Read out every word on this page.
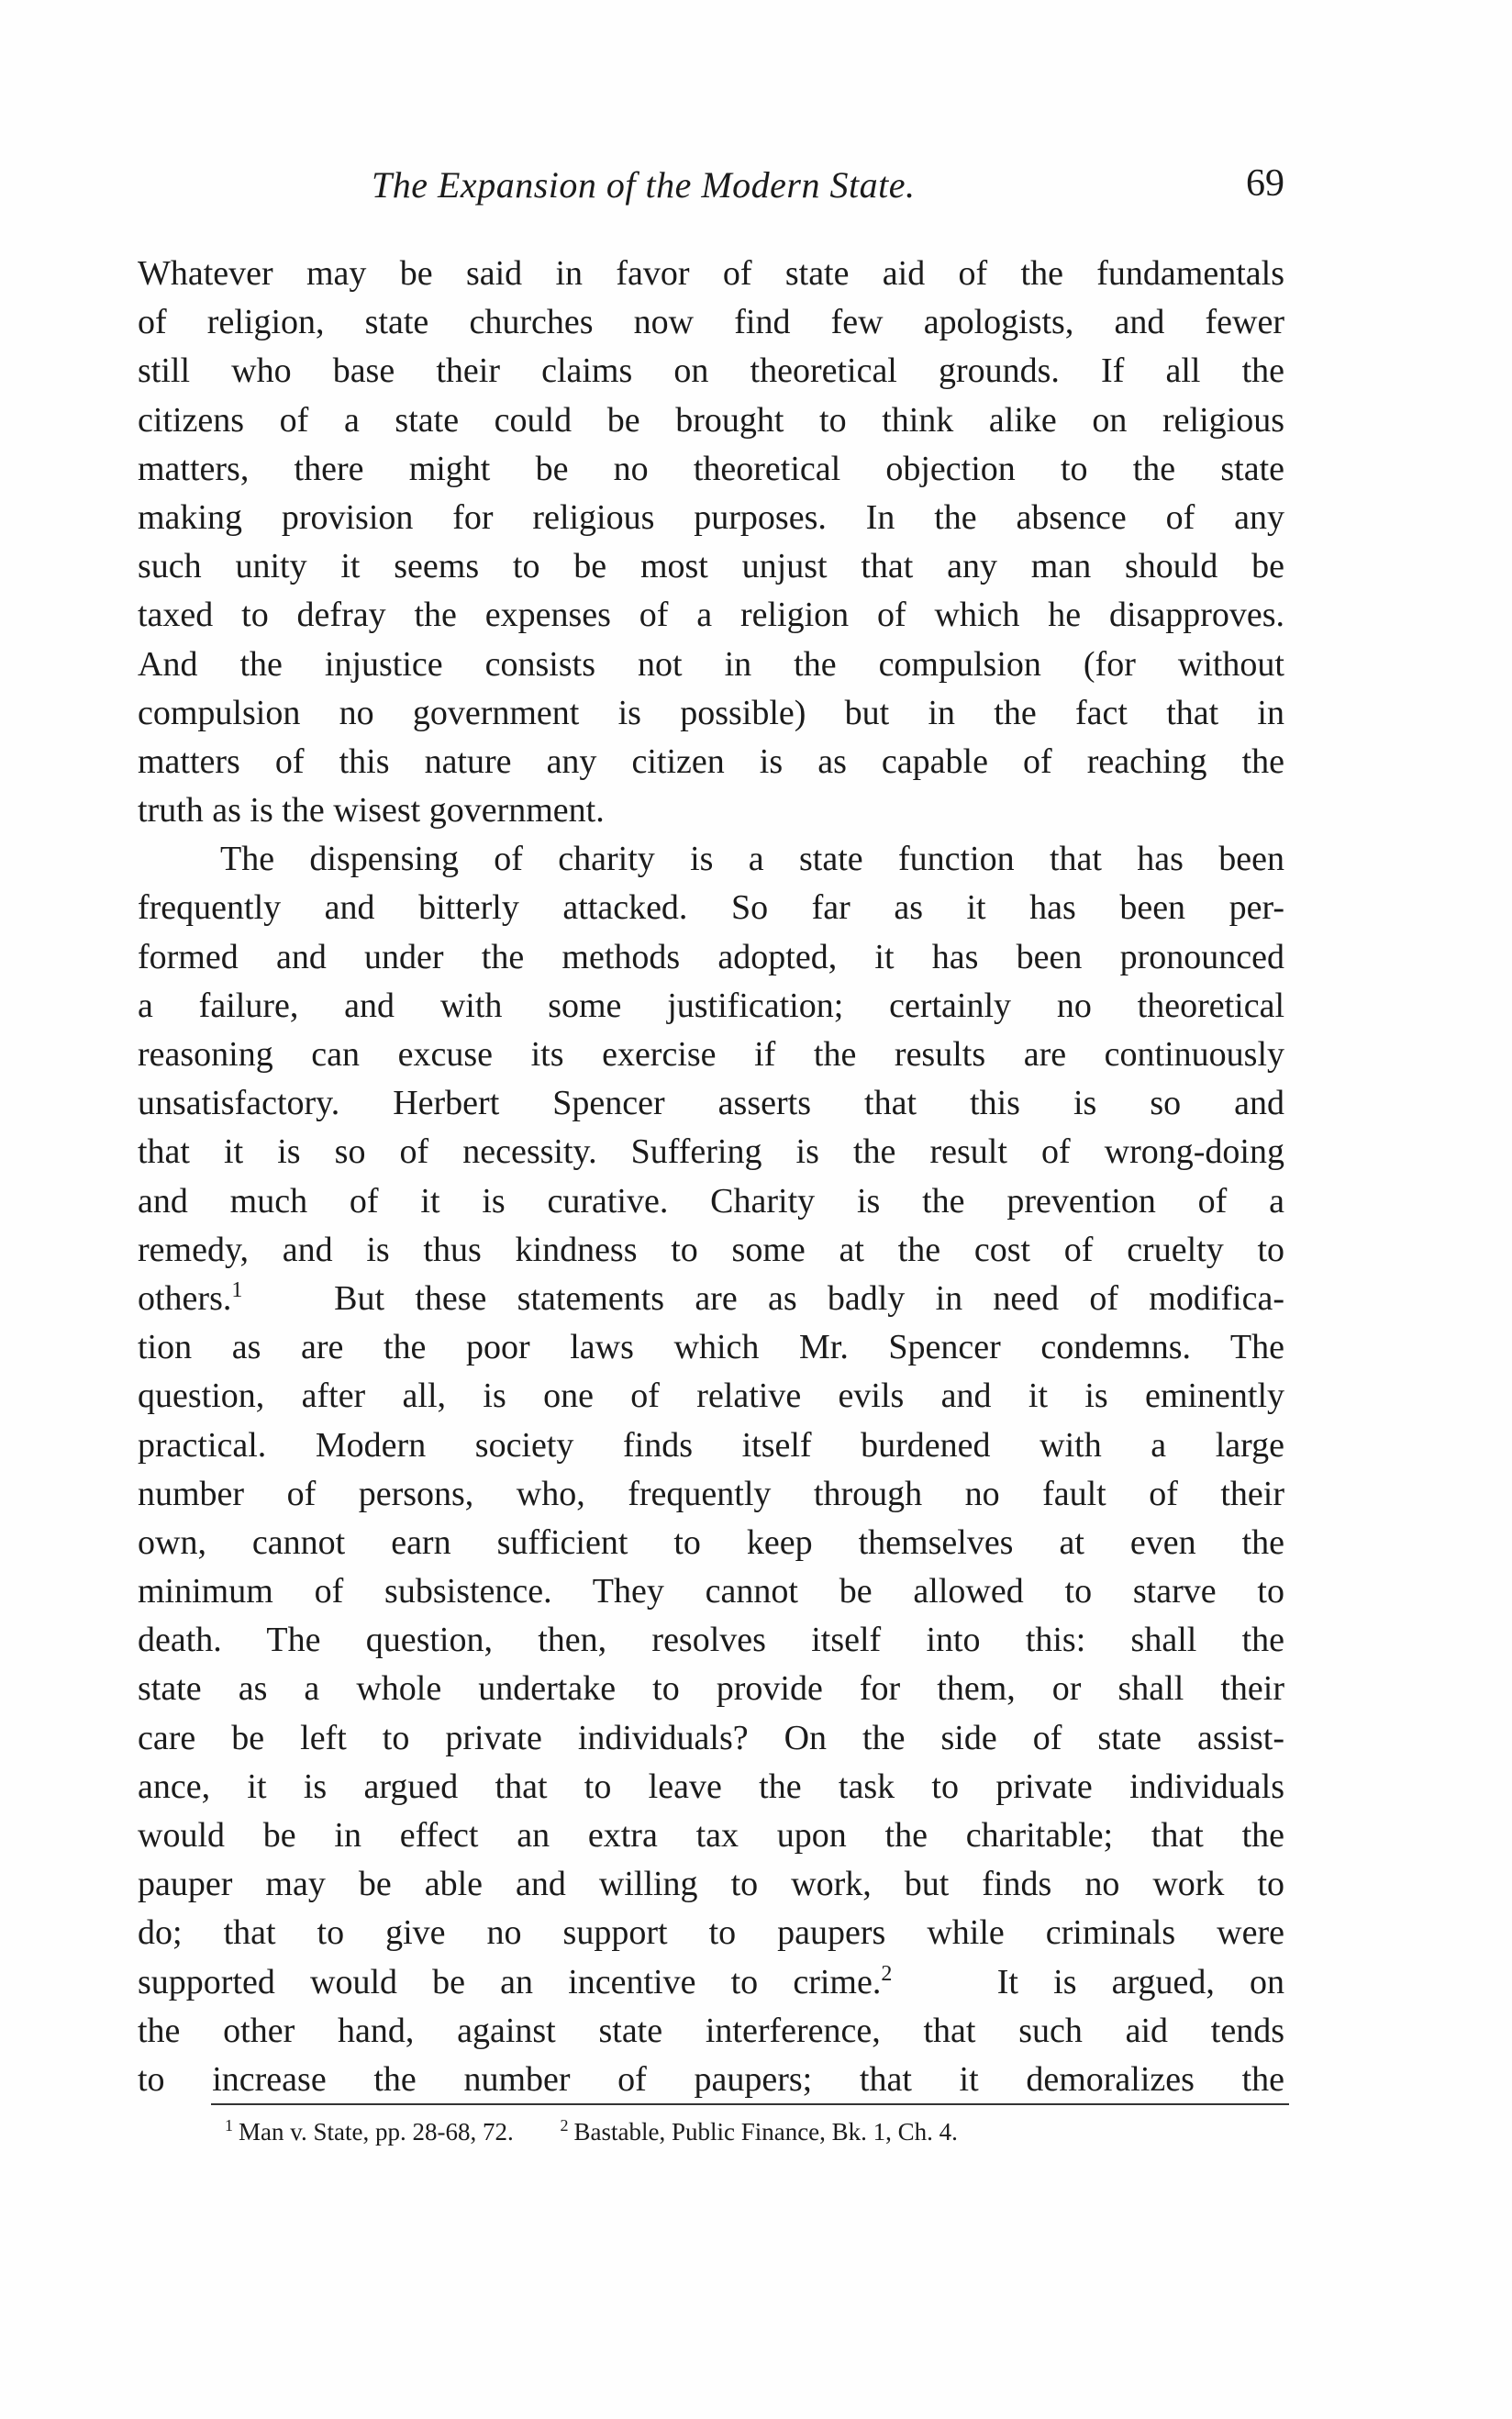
The Expansion of the Modern State.	69
Whatever may be said in favor of state aid of the fundamentals
of religion, state churches now find few apologists, and fewer
still who base their claims on theoretical grounds. If all the
citizens of a state could be brought to think alike on religious
matters, there might be no theoretical objection to the state
making provision for religious purposes. In the absence of any
such unity it seems to be most unjust that any man should be
taxed to defray the expenses of a religion of which he disapproves.
And the injustice consists not in the compulsion (for without
compulsion no government is possible) but in the fact that in
matters of this nature any citizen is as capable of reaching the
truth as is the wisest government.
The dispensing of charity is a state function that has been
frequently and bitterly attacked. So far as it has been per-
formed and under the methods adopted, it has been pronounced
a failure, and with some justification; certainly no theoretical
reasoning can excuse its exercise if the results are continuously
unsatisfactory. Herbert Spencer asserts that this is so and
that it is so of necessity. Suffering is the result of wrong-doing
and much of it is curative. Charity is the prevention of a
remedy, and is thus kindness to some at the cost of cruelty to
others.$^1$	But these statements are as badly in need of modifica-
tion as are the poor laws which Mr. Spencer condemns. The
question, after all, is one of relative evils and it is eminently
practical. Modern society finds itself burdened with a large
number of persons, who, frequently through no fault of their
own, cannot earn sufficient to keep themselves at even the
minimum of subsistence. They cannot be allowed to starve to
death. The question, then, resolves itself into this: shall the
state as a whole undertake to provide for them, or shall their
care be left to private individuals? On the side of state assist-
ance, it is argued that to leave the task to private individuals
would be in effect an extra tax upon the charitable; that the
pauper may be able and willing to work, but finds no work to
do; that to give no support to paupers while criminals were
supported would be an incentive to crime.$^2$	It is argued, on
the other hand, against state interference, that such aid tends
to increase the number of paupers; that it demoralizes the
$^1$ Man v. State, pp. 28-68, 72.	$^2$ Bastable, Public Finance, Bk. 1, Ch. 4.
